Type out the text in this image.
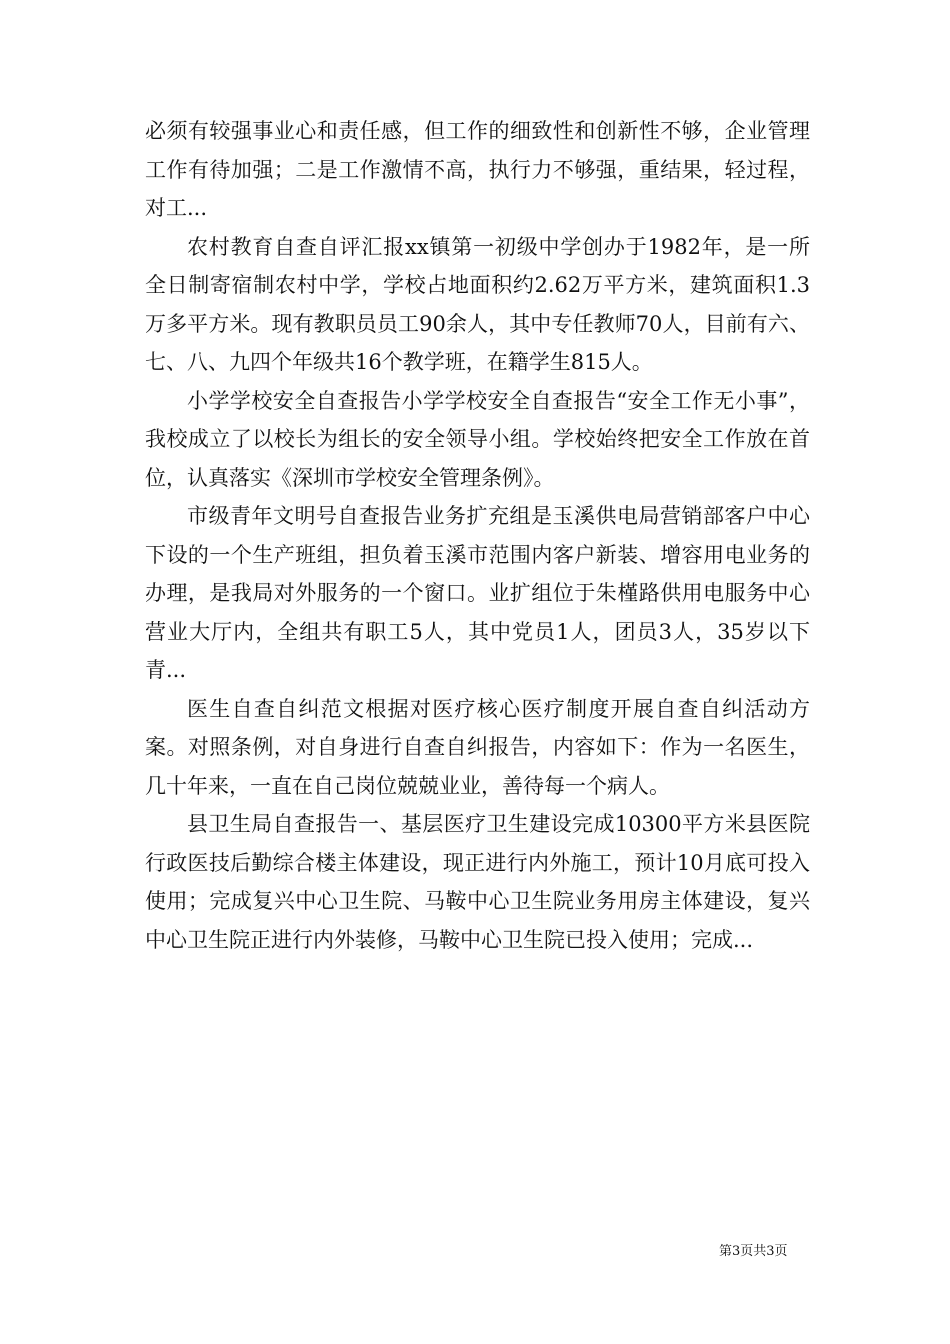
必须有较强事业心和责任感，但工作的细致性和创新性不够，企业管理工作有待加强；二是工作激情不高，执行力不够强，重结果，轻过程，对工...

农村教育自查自评汇报xx镇第一初级中学创办于1982年，是一所全日制寄宿制农村中学，学校占地面积约2.62万平方米，建筑面积1.3万多平方米。现有教职员员工90余人，其中专任教师70人，目前有六、七、八、九四个年级共16个教学班，在籍学生815人。

小学学校安全自查报告小学学校安全自查报告“安全工作无小事”，我校成立了以校长为组长的安全领导小组。学校始终把安全工作放在首位，认真落实《深圳市学校安全管理条例》。

市级青年文明号自查报告业务扩充组是玉溪供电局营销部客户中心下设的一个生产班组，担负着玉溪市范围内客户新装、增容用电业务的办理，是我局对外服务的一个窗口。业扩组位于朱槿路供用电服务中心营业大厅内，全组共有职工5人，其中党员1人，团员3人，35岁以下青...

医生自查自纠范文根据对医疗核心医疗制度开展自查自纠活动方案。对照条例，对自身进行自查自纠报告，内容如下：作为一名医生，几十年来，一直在自己岗位兢兢业业，善待每一个病人。

县卫生局自查报告一、基层医疗卫生建设完成10300平方米县医院行政医技后勤综合楼主体建设，现正进行内外施工，预计10月底可投入使用；完成复兴中心卫生院、马鞍中心卫生院业务用房主体建设，复兴中心卫生院正进行内外装修，马鞍中心卫生院已投入使用；完成...

第3页共3页
